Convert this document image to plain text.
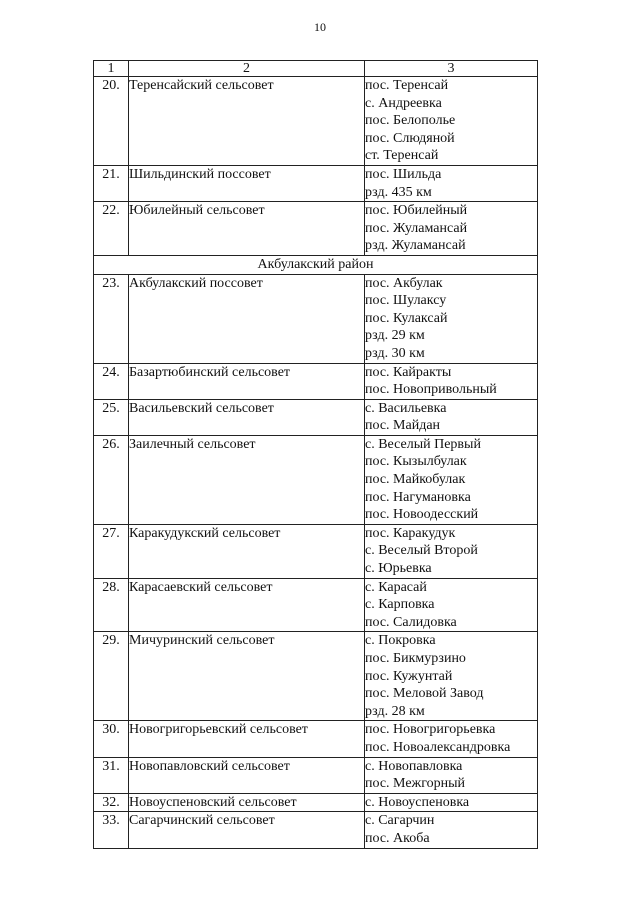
10
1	2	3
20.	Теренсайский сельсовет	пос. Теренсай
с. Андреевка
пос. Белополье
пос. Слюдяной
ст. Теренсай

21.	Шильдинский поссовет	пос. Шильда
рзд. 435 км

22.	Юбилейный сельсовет	пос. Юбилейный
пос. Жуламансай
рзд. Жуламансай

Акбулакский район		
23.	Акбулакский поссовет	пос. Акбулак
пос. Шулаксу
пос. Кулаксай
рзд. 29 км
рзд. 30 км

24.	Базартюбинский сельсовет	пос. Кайракты
пос. Новопривольный

25.	Васильевский сельсовет	с. Васильевка
пос. Майдан

26.	Заилечный сельсовет	с. Веселый Первый
пос. Кызылбулак
пос. Майкобулак
пос. Нагумановка
пос. Новоодесский

27.	Каракудукский сельсовет	пос. Каракудук
с. Веселый Второй
с. Юрьевка

28.	Карасаевский сельсовет	с. Карасай
с. Карповка
пос. Салидовка

29.	Мичуринский сельсовет	с. Покровка
пос. Бикмурзино
пос. Кужунтай
пос. Меловой Завод
рзд. 28 км

30.	Новогригорьевский сельсовет	пос. Новогригорьевка
пос. Новоалександровка

31.	Новопавловский сельсовет	с. Новопавловка
пос. Межгорный

32.	Новоуспеновский сельсовет	с. Новоуспеновка

33.	Сагарчинский сельсовет	с. Сагарчин
пос. Акоба
